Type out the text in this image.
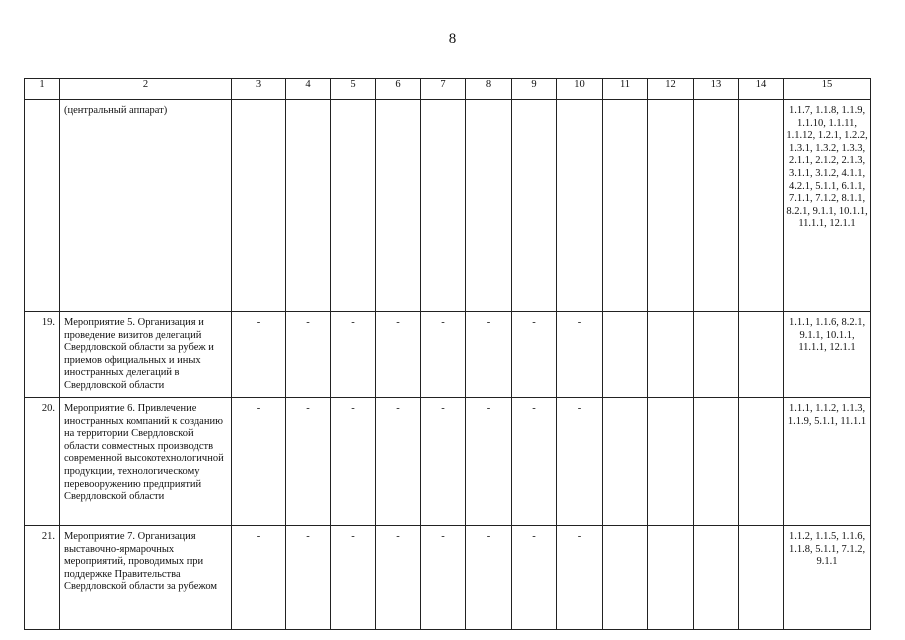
8
1	2	3	4	5	6	7	8	9	10	11	12	13	14	15
	(центральный аппарат)													1.1.7, 1.1.8, 1.1.9, 1.1.10, 1.1.11, 1.1.12, 1.2.1, 1.2.2, 1.3.1, 1.3.2, 1.3.3, 2.1.1, 2.1.2, 2.1.3, 3.1.1, 3.1.2, 4.1.1, 4.2.1, 5.1.1, 6.1.1, 7.1.1, 7.1.2, 8.1.1, 8.2.1, 9.1.1, 10.1.1, 11.1.1, 12.1.1
19.	Мероприятие 5. Организация и проведение визитов делегаций Свердловской области за рубеж и приемов официальных и иных иностранных делегаций в Свердловской области	-	-	-	-	-	-	-	-					1.1.1, 1.1.6, 8.2.1, 9.1.1, 10.1.1, 11.1.1, 12.1.1
20.	Мероприятие 6. Привлечение иностранных компаний к созданию на территории Свердловской области совместных производств современной высокотехнологичной продукции, технологическому перевооружению предприятий Свердловской области	-	-	-	-	-	-	-	-					1.1.1, 1.1.2, 1.1.3, 1.1.9, 5.1.1, 11.1.1
21.	Мероприятие 7. Организация выставочно-ярмарочных мероприятий, проводимых при поддержке Правительства Свердловской области за рубежом	-	-	-	-	-	-	-	-					1.1.2, 1.1.5, 1.1.6, 1.1.8, 5.1.1, 7.1.2, 9.1.1
